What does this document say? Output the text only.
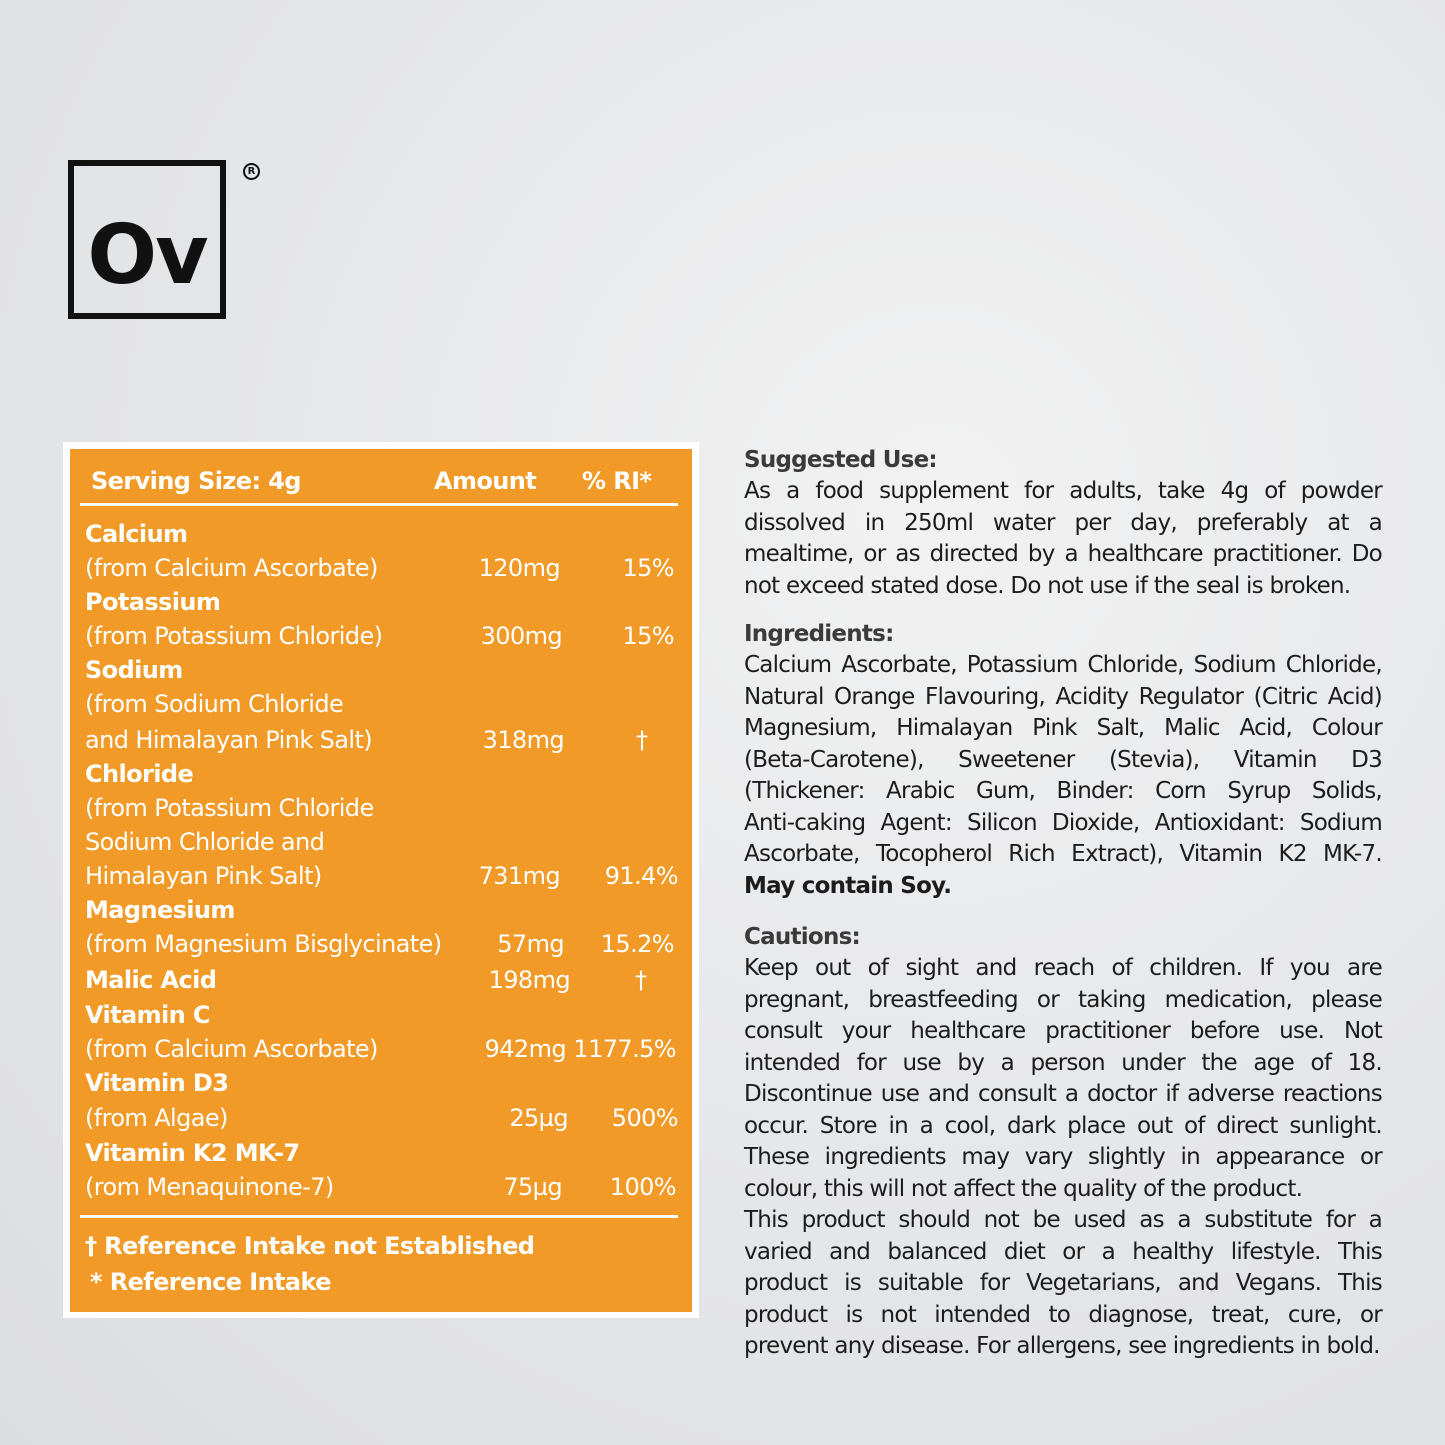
Ov
R
Serving Size: 4g	Amount % RI*
Calcium
(from Calcium Ascorbate)	120mg	15%
Potassium
(from Potassium Chloride)	300mg	15%
Sodium
(from Sodium Chloride
and Himalayan Pink Salt)	318mg	†
Chloride
(from Potassium Chloride
Sodium Chloride and
Himalayan Pink Salt)	731mg 91.4%
Magnesium
(from Magnesium Bisglycinate) 57mg 15.2%
Malic Acid	198mg	†
Vitamin C
(from Calcium Ascorbate)	942mg 1177.5%
Vitamin D3
(from Algae)	25µg 500%
Vitamin K2 MK-7
(rom Menaquinone-7)	75µg 100%
† Reference Intake not Established
* Reference Intake
Suggested Use:
As a food supplement for adults, take 4g of powder
dissolved in 250ml water per day, preferably at a
mealtime, or as directed by a healthcare practitioner. Do
not exceed stated dose. Do not use if the seal is broken.
Ingredients:
Calcium Ascorbate, Potassium Chloride, Sodium Chloride,
Natural Orange Flavouring, Acidity Regulator (Citric Acid)
Magnesium, Himalayan Pink Salt, Malic Acid, Colour
(Beta-Carotene), Sweetener (Stevia), Vitamin D3
(Thickener: Arabic Gum, Binder: Corn Syrup Solids,
Anti-caking Agent: Silicon Dioxide, Antioxidant: Sodium
Ascorbate, Tocopherol Rich Extract), Vitamin K2 MK-7.
May contain Soy.
Cautions:
Keep out of sight and reach of children. If you are
pregnant, breastfeeding or taking medication, please
consult your healthcare practitioner before use. Not
intended for use by a person under the age of 18.
Discontinue use and consult a doctor if adverse reactions
occur. Store in a cool, dark place out of direct sunlight.
These ingredients may vary slightly in appearance or
colour, this will not affect the quality of the product.
This product should not be used as a substitute for a
varied and balanced diet or a healthy lifestyle. This
product is suitable for Vegetarians, and Vegans. This
product is not intended to diagnose, treat, cure, or
prevent any disease. For allergens, see ingredients in bold.
